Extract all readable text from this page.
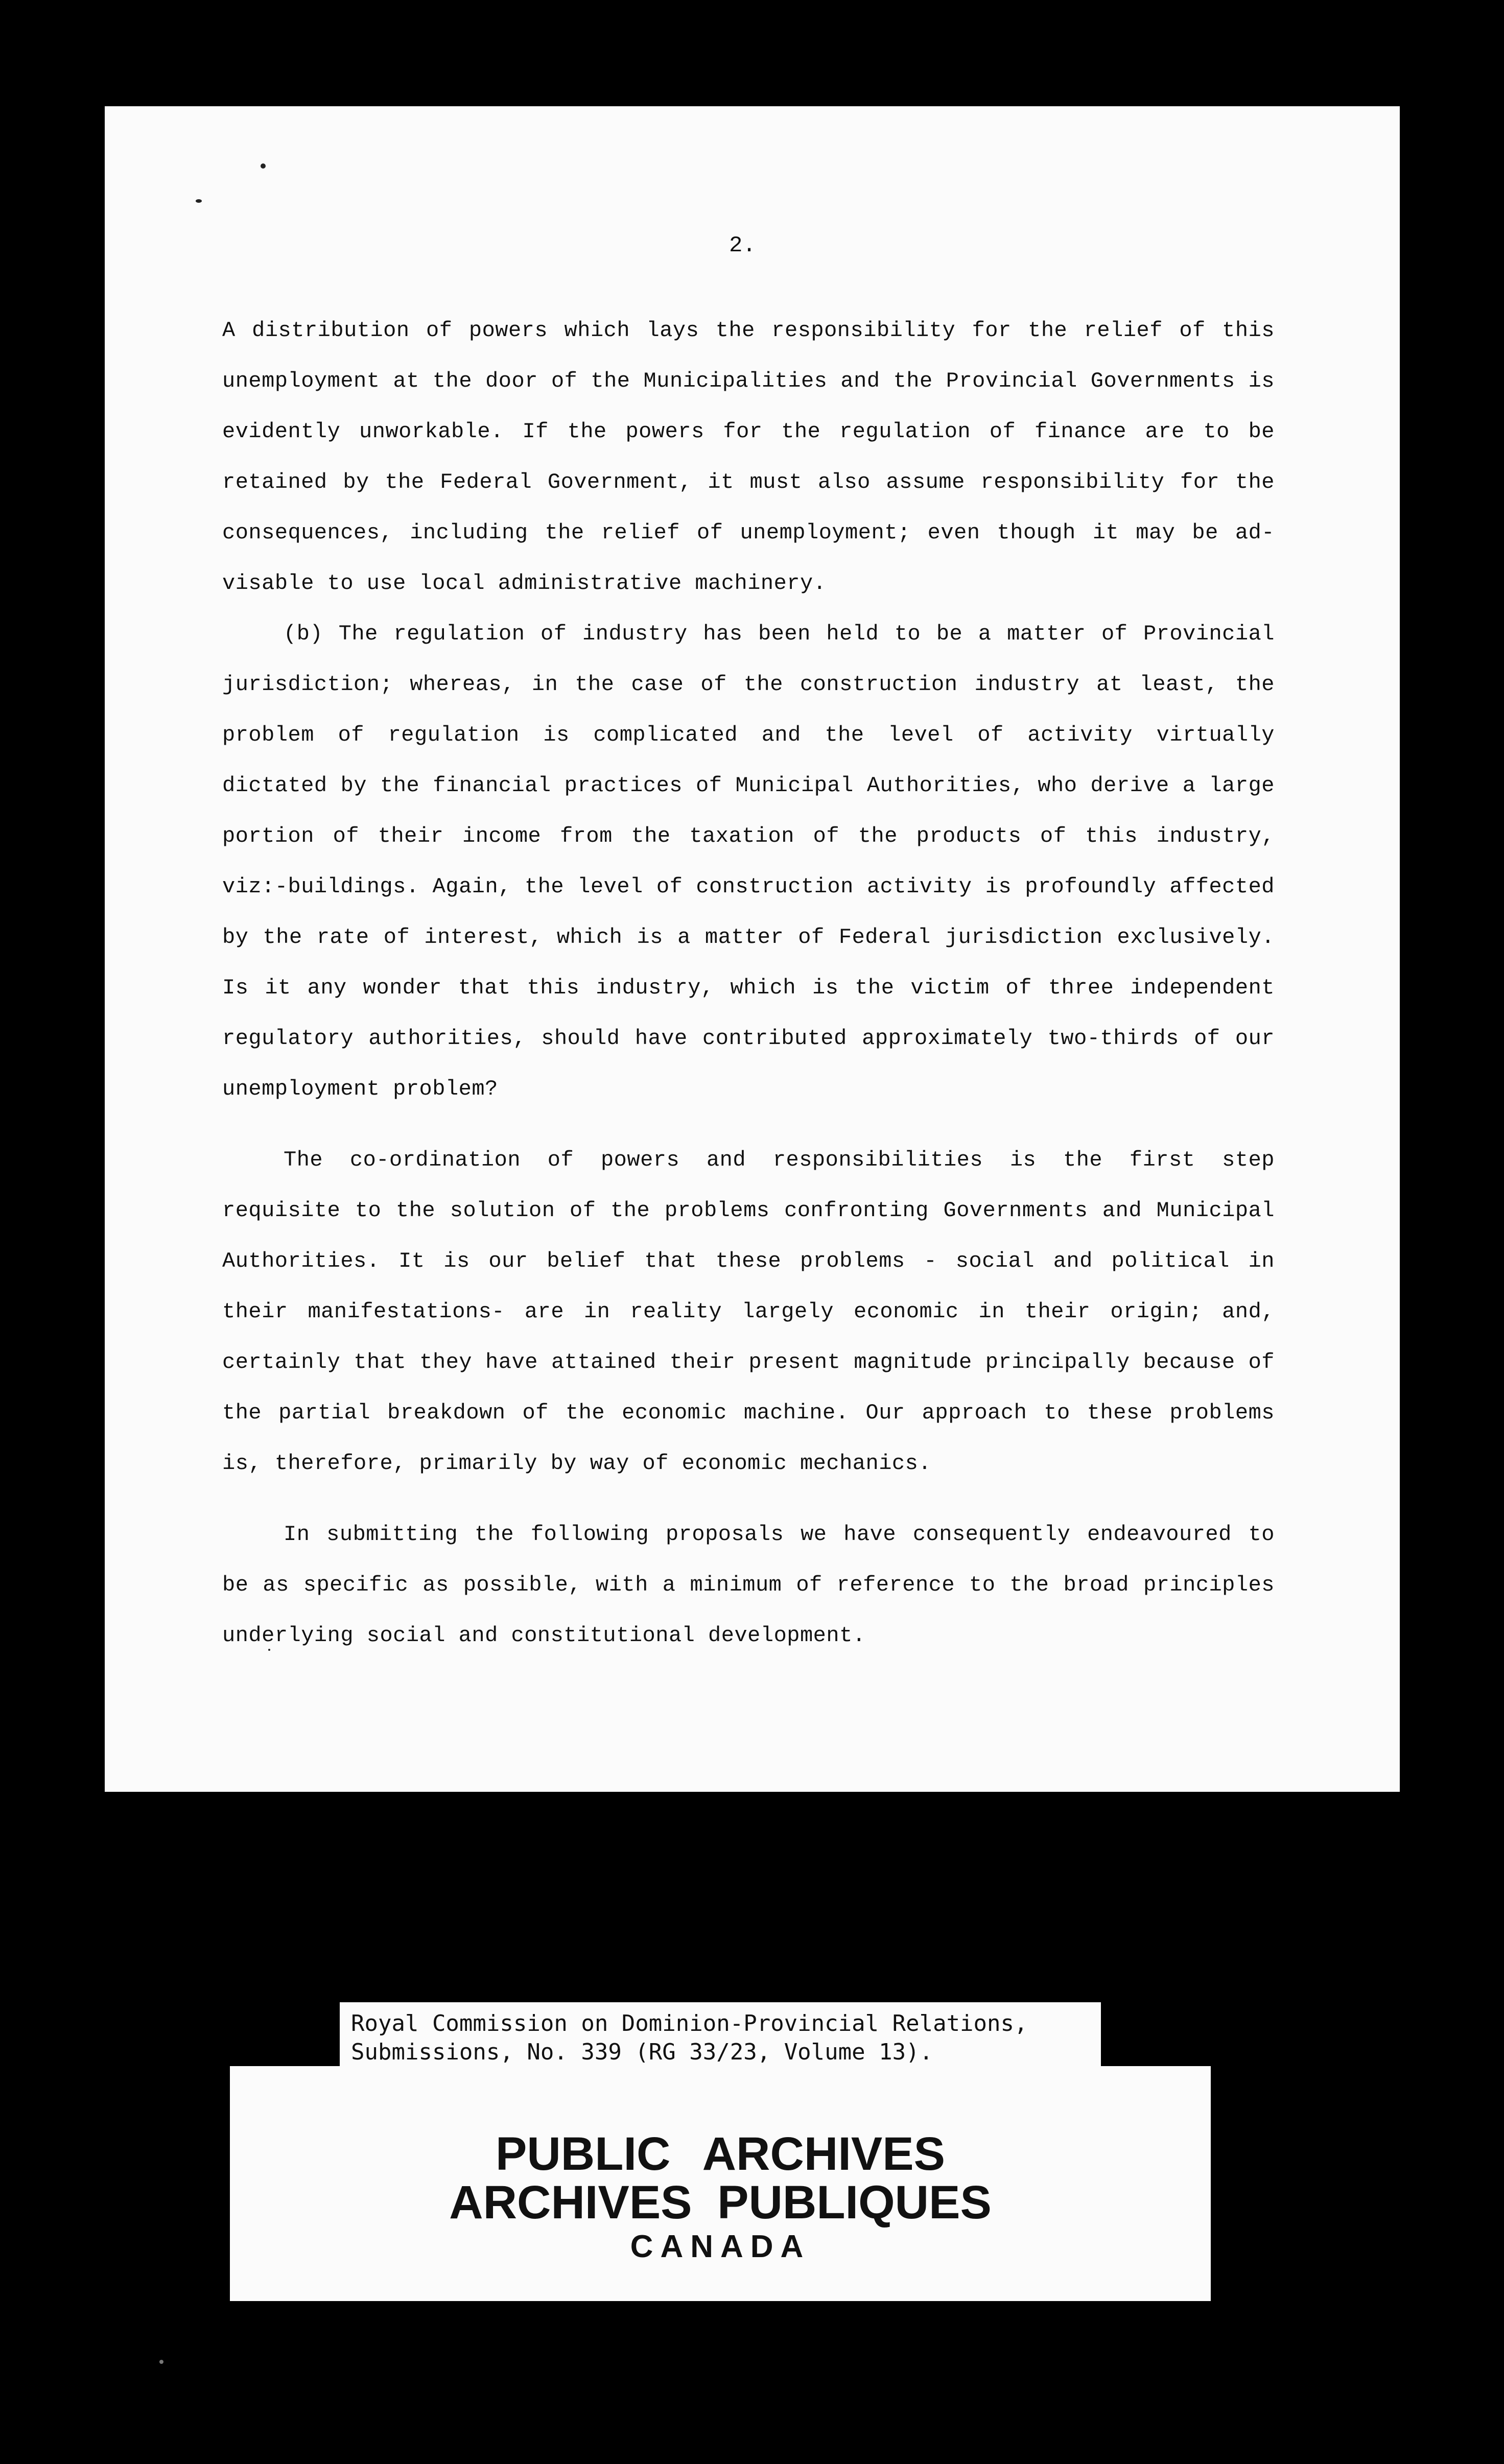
2.

A distribution of powers which lays the responsibility for the relief of this unemployment at the door of the Municipalities and the Provincial Governments is evidently unworkable. If the powers for the regulation of finance are to be retained by the Federal Government, it must also assume responsibility for the consequences, including the relief of unemployment; even though it may be ad-visable to use local administrative machinery.

(b) The regulation of industry has been held to be a matter of Provincial jurisdiction; whereas, in the case of the construction industry at least, the problem of regulation is complicated and the level of activity virtually dictated by the financial practices of Municipal Authorities, who derive a large portion of their income from the taxation of the products of this industry, viz:-buildings. Again, the level of construction activity is profoundly affected by the rate of interest, which is a matter of Federal jurisdiction exclusively. Is it any wonder that this industry, which is the victim of three independent regulatory authorities, should have contributed approximately two-thirds of our unemployment problem?

The co-ordination of powers and responsibilities is the first step requisite to the solution of the problems confronting Governments and Municipal Authorities. It is our belief that these problems - social and political in their manifestations- are in reality largely economic in their origin; and, certainly that they have attained their present magnitude principally because of the partial breakdown of the economic machine. Our approach to these problems is, therefore, primarily by way of economic mechanics.

In submitting the following proposals we have consequently endeavoured to be as specific as possible, with a minimum of reference to the broad principles underlying social and constitutional development.

Royal Commission on Dominion-Provincial Relations,
Submissions, No. 339 (RG 33/23, Volume 13).
PUBLIC ARCHIVES
ARCHIVES PUBLIQUES
CANADA
